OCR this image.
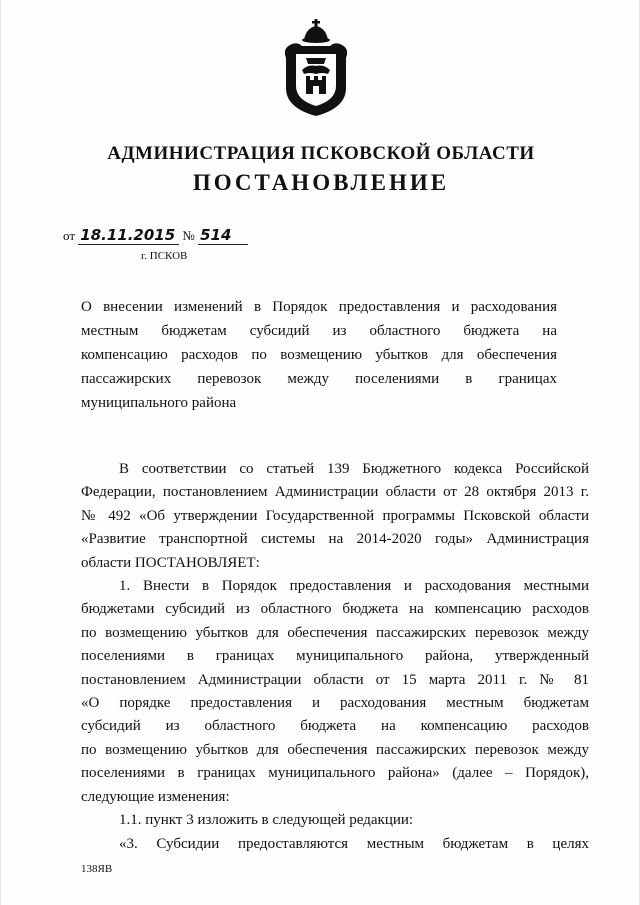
АДМИНИСТРАЦИЯ ПСКОВСКОЙ ОБЛАСТИ
ПОСТАНОВЛЕНИЕ
от 18.11.2015 № 514
г. ПСКОВ
О внесении изменений в Порядок предоставления и расходования
местным бюджетам субсидий из областного бюджета на
компенсацию расходов по возмещению убытков для обеспечения
пассажирских перевозок между поселениями в границах
муниципального района
В соответствии со статьей 139 Бюджетного кодекса Российской
Федерации, постановлением Администрации области от 28 октября 2013 г.
№ 492 «Об утверждении Государственной программы Псковской области
«Развитие транспортной системы на 2014-2020 годы» Администрация
области ПОСТАНОВЛЯЕТ:
1. Внести в Порядок предоставления и расходования местными
бюджетами субсидий из областного бюджета на компенсацию расходов
по возмещению убытков для обеспечения пассажирских перевозок между
поселениями в границах муниципального района, утвержденный
постановлением Администрации области от 15 марта 2011 г. № 81
«О порядке предоставления и расходования местным бюджетам
субсидий из областного бюджета на компенсацию расходов
по возмещению убытков для обеспечения пассажирских перевозок между
поселениями в границах муниципального района» (далее – Порядок),
следующие изменения:
1.1. пункт 3 изложить в следующей редакции:
«3. Субсидии предоставляются местным бюджетам в целях
138ЯВ
